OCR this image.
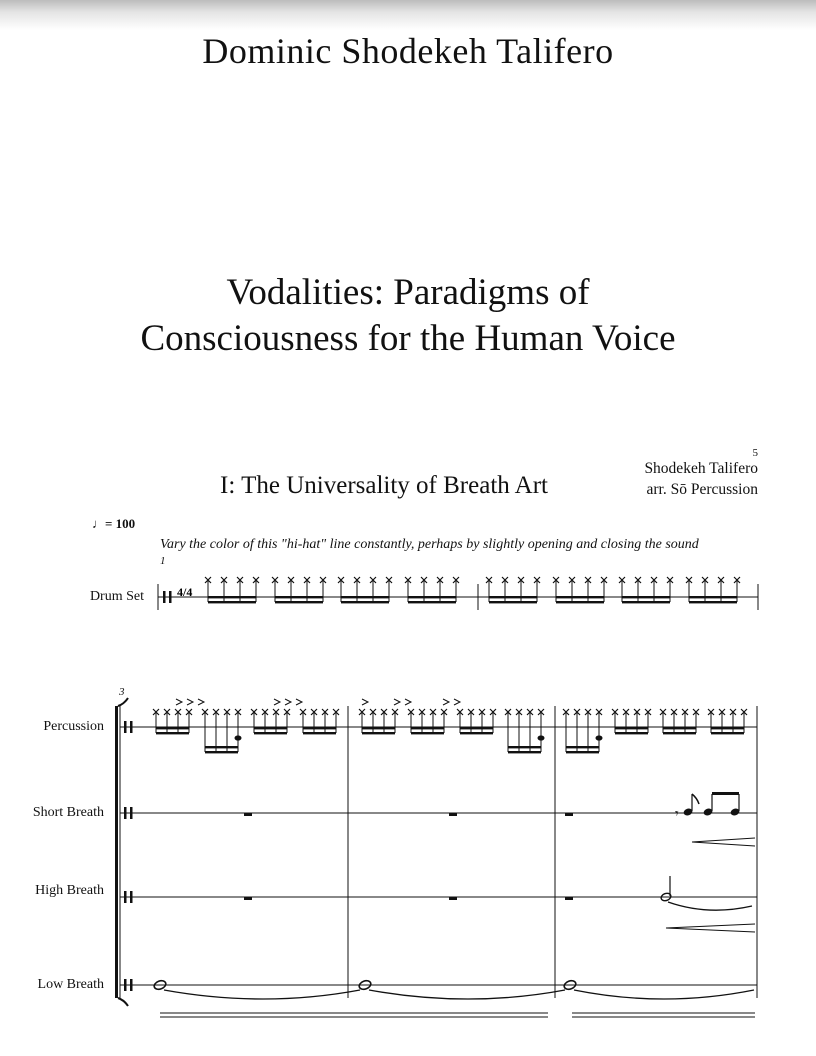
Dominic Shodekeh Talifero
Vodalities: Paradigms of
Consciousness for the Human Voice
I: The Universality of Breath Art
5
Shodekeh Talifero
arr. Sō Percussion
♩= 100
Vary the color of this "hi-hat" line constantly, perhaps by slightly opening and closing the sound
1
3
Drum Set
Percussion
Short Breath
High Breath
Low Breath
4/4
𝄾
